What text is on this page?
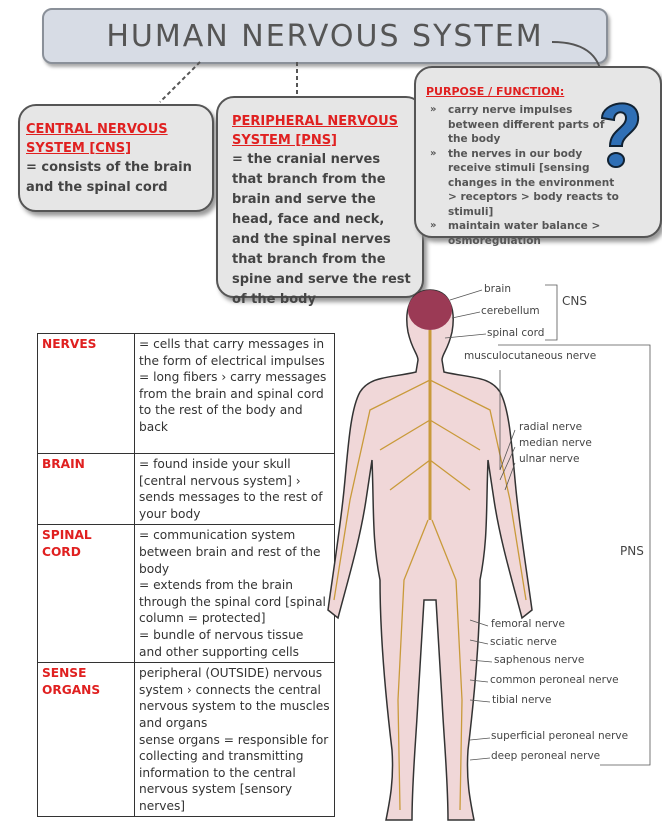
HUMAN NERVOUS SYSTEM
CENTRAL NERVOUS SYSTEM [CNS]
= consists of the brain and the spinal cord
PERIPHERAL NERVOUS SYSTEM [PNS]
= the cranial nerves that branch from the brain and serve the head, face and neck, and the spinal nerves that branch from the spine and serve the rest of the body
PURPOSE / FUNCTION:
» carry nerve impulses between different parts of the body
» the nerves in our body receive stimuli [sensing changes in the environment > receptors > body reacts to stimuli]
» maintain water balance > osmoregulation
NERVES	= cells that carry messages in the form of electrical impulses
= long fibers › carry messages from the brain and spinal cord to the rest of the body and back
BRAIN	= found inside your skull [central nervous system] › sends messages to the rest of your body
SPINAL CORD	= communication system between brain and rest of the body
= extends from the brain through the spinal cord [spinal column = protected]
= bundle of nervous tissue and other supporting cells
SENSE ORGANS	peripheral (OUTSIDE) nervous system › connects the central nervous system to the muscles and organs
sense organs = responsible for collecting and transmitting information to the central nervous system [sensory nerves]
brain
cerebellum
spinal cord
CNS
musculocutaneous nerve
radial nerve
median nerve
ulnar nerve
PNS
femoral nerve
sciatic nerve
saphenous nerve
common peroneal nerve
tibial nerve
superficial peroneal nerve
deep peroneal nerve
